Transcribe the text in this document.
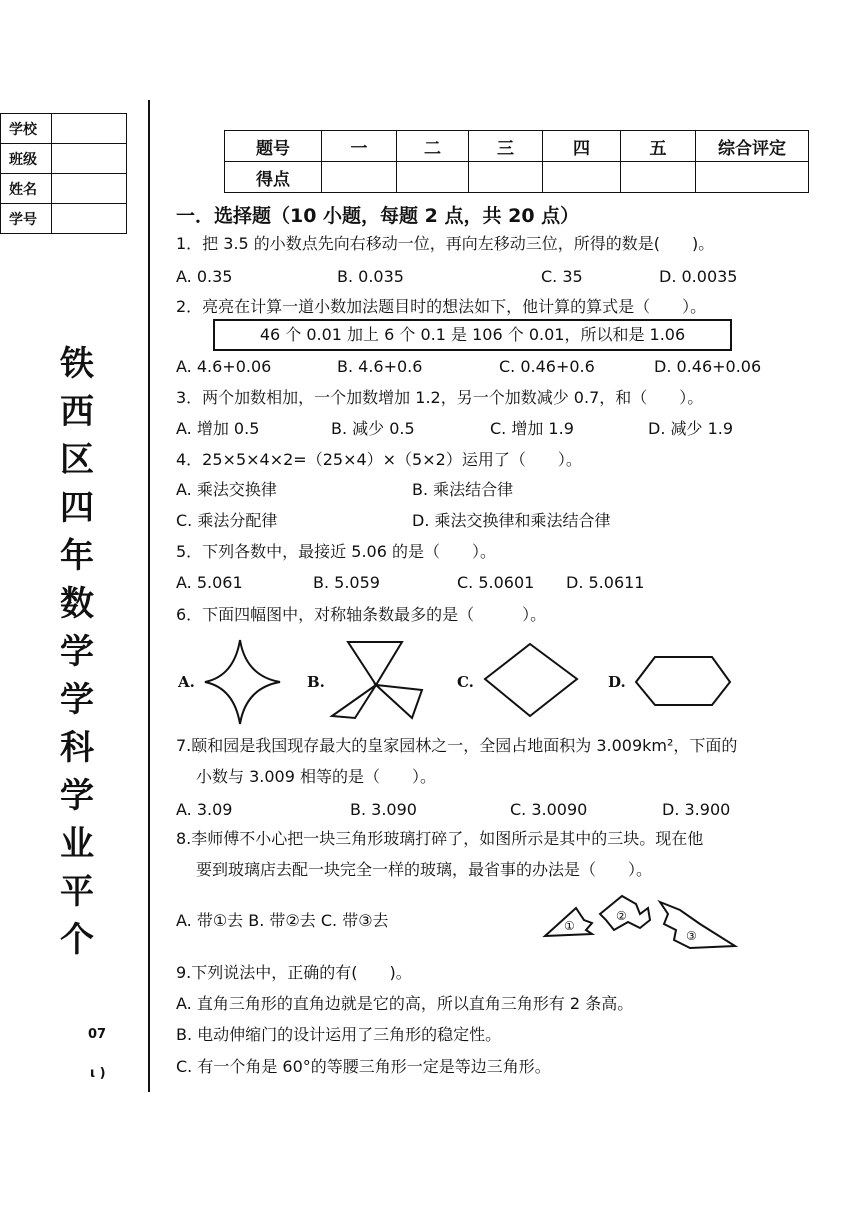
学校	
班级	
姓名	
学号	
铁
西
区
四
年
数
学
学
科
学
业
平
个
07
ι )
题号	一	二	三	四	五	综合评定
得点						
一．选择题（10 小题，每题 2 点，共 20 点）
1．把 3.5 的小数点先向右移动一位，再向左移动三位，所得的数是(　　)。
A. 0.35	B. 0.035	C. 35	D. 0.0035
2．亮亮在计算一道小数加法题目时的想法如下，他计算的算式是（　　）。
46 个 0.01 加上 6 个 0.1 是 106 个 0.01，所以和是 1.06
A. 4.6+0.06	B. 4.6+0.6	C. 0.46+0.6	D. 0.46+0.06
3．两个加数相加，一个加数增加 1.2，另一个加数减少 0.7，和（　　）。
A. 增加 0.5	B. 减少 0.5	C. 增加 1.9	D. 减少 1.9
4．25×5×4×2=（25×4）×（5×2）运用了（　　）。
A. 乘法交换律	B. 乘法结合律
C. 乘法分配律	D. 乘法交换律和乘法结合律
5．下列各数中，最接近 5.06 的是（　　）。
A. 5.061	B. 5.059	C. 5.0601 D. 5.0611
6．下面四幅图中，对称轴条数最多的是（　　　）。
A.	B.	C.	D.
7.颐和园是我国现存最大的皇家园林之一，全园占地面积为 3.009km²，下面的
小数与 3.009 相等的是（　　）。
A. 3.09	B. 3.090	C. 3.0090	D. 3.900
8.李师傅不小心把一块三角形玻璃打碎了，如图所示是其中的三块。现在他
要到玻璃店去配一块完全一样的玻璃，最省事的办法是（　　）。
A. 带①去 B. 带②去 C. 带③去	①
②
③
9.下列说法中，正确的有(　　)。
A. 直角三角形的直角边就是它的高，所以直角三角形有 2 条高。
B. 电动伸缩门的设计运用了三角形的稳定性。
C. 有一个角是 60°的等腰三角形一定是等边三角形。
